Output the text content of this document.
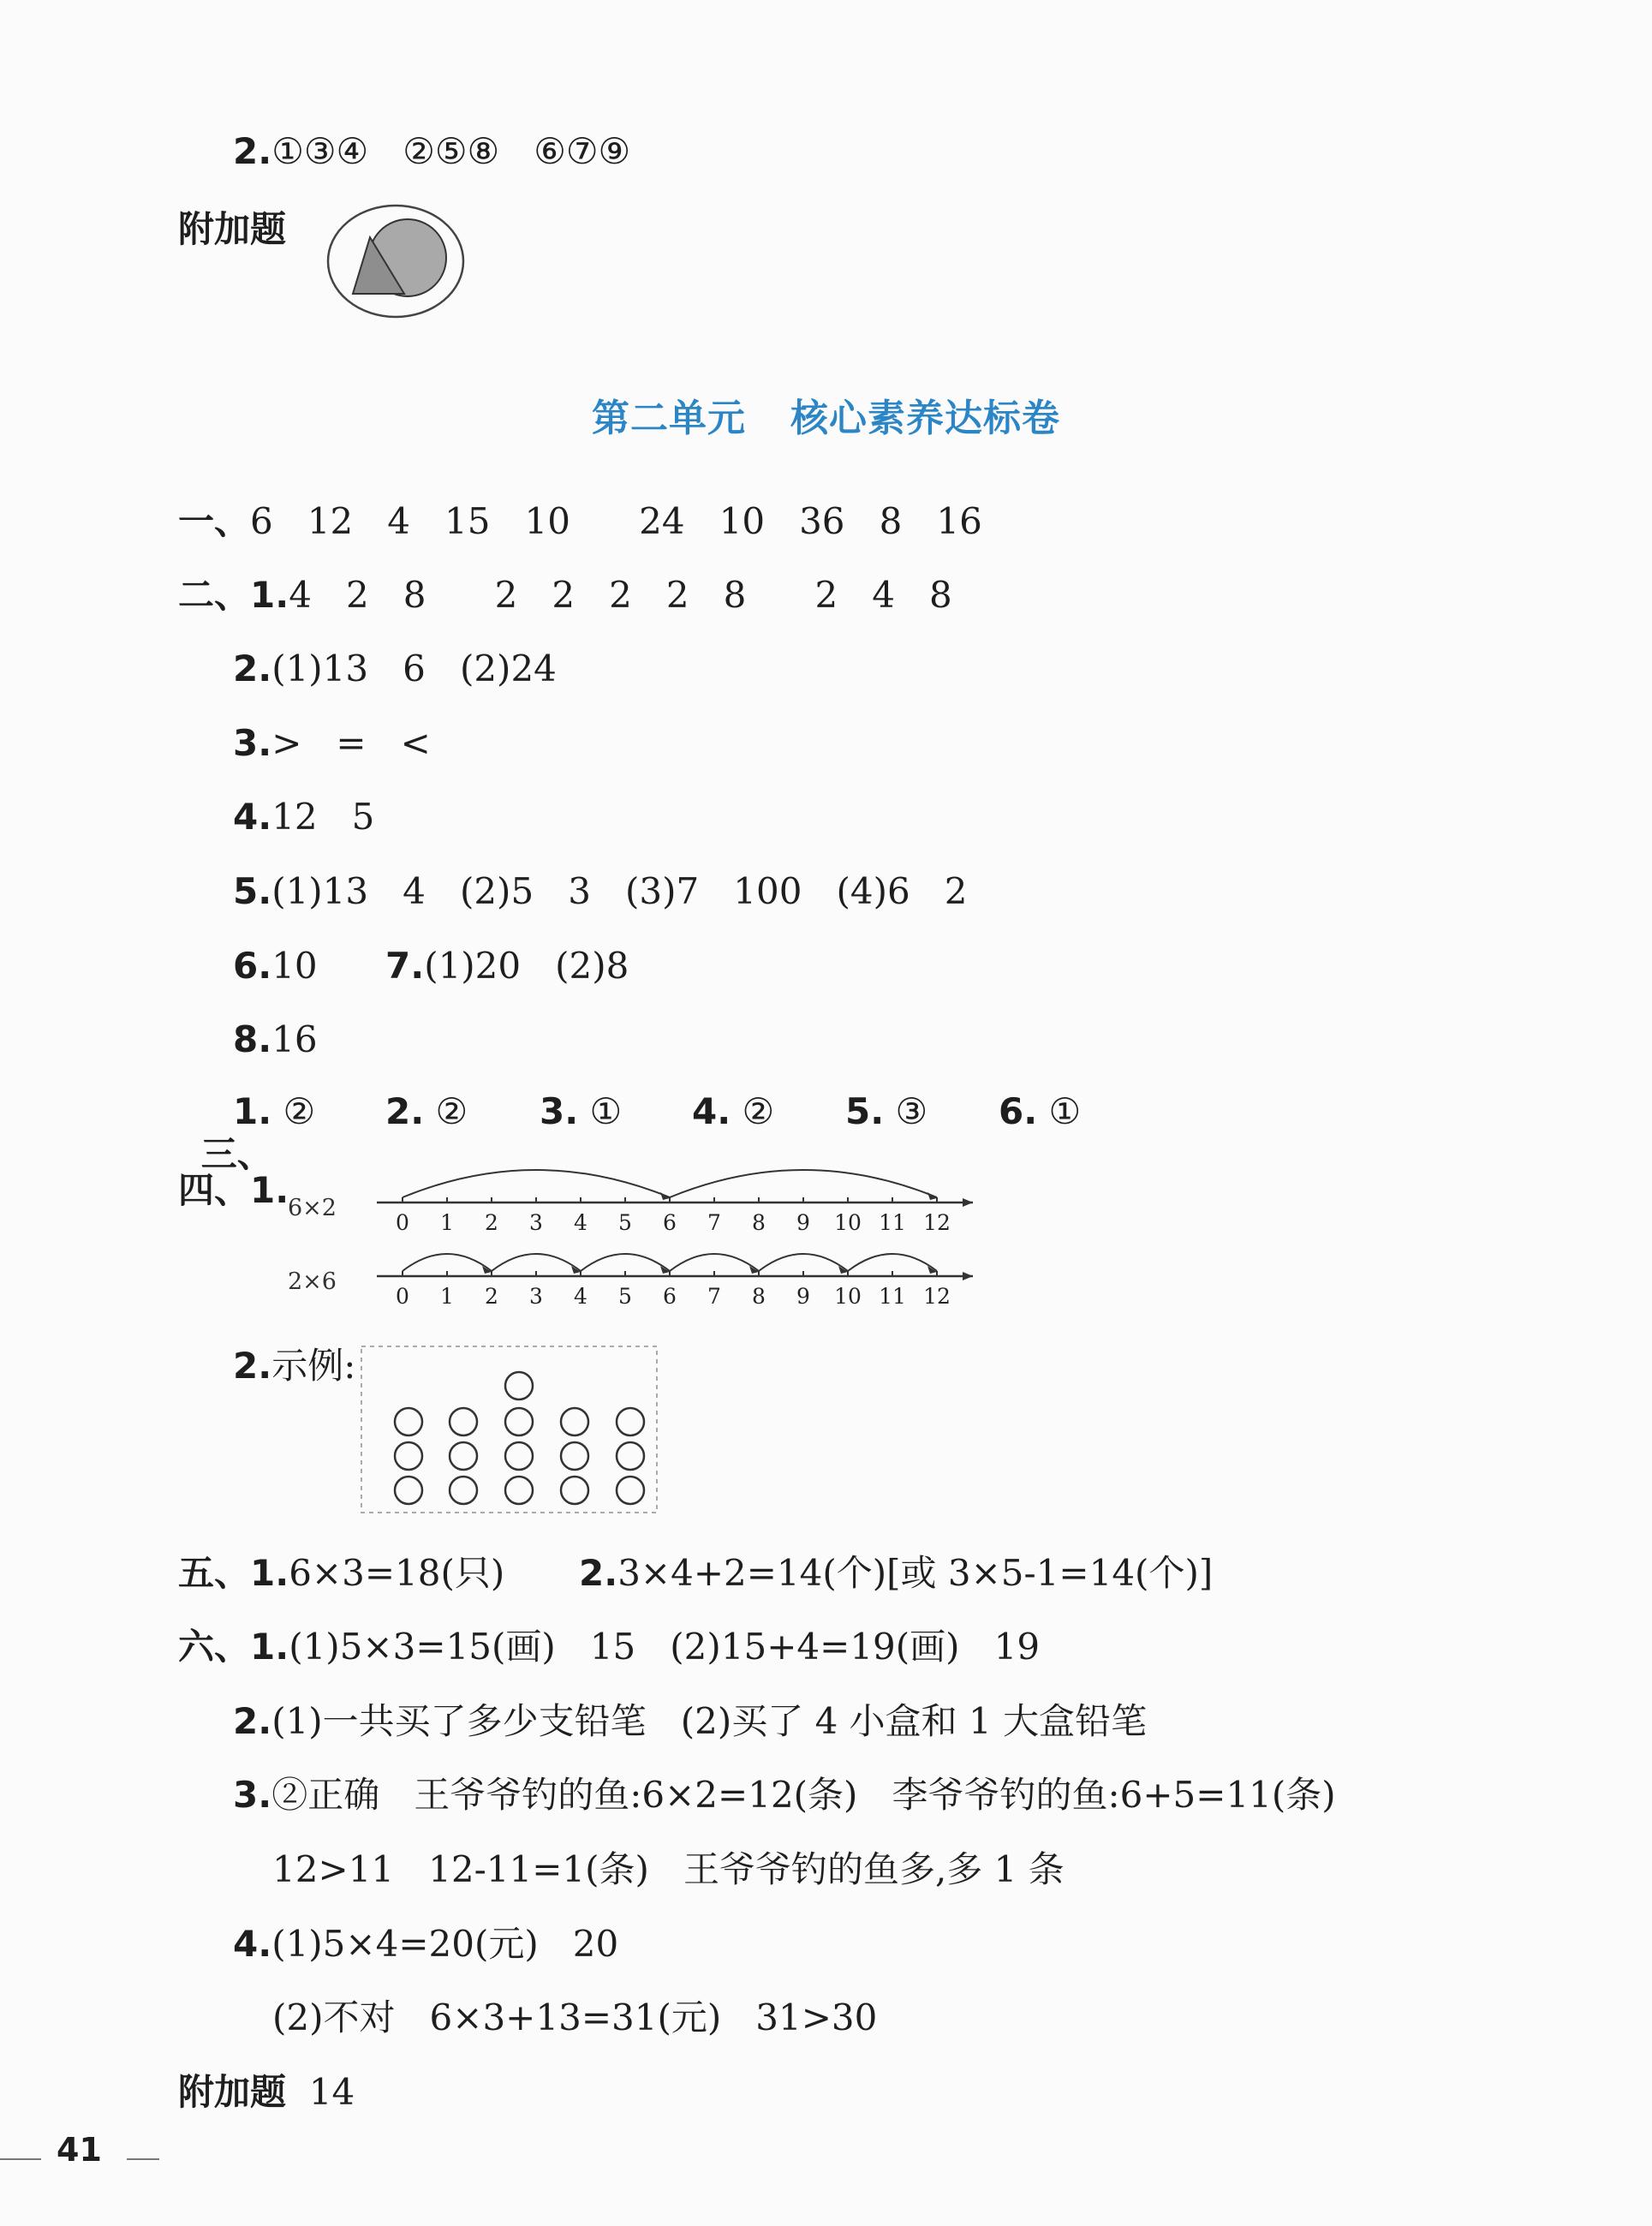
2.①③④   ②⑤⑧   ⑥⑦⑨
附加题
第二单元 核心素养达标卷
一、6   12   4   15   10      24   10   36   8   16
二、1.4   2   8      2   2   2   2   8      2   4   8
2.(1)13   6   (2)24
3.>   =   <
4.12   5
5.(1)13   4   (2)5   3   (3)7   100   (4)6   2
6.10 7.(1)20   (2)8
8.16

三、

1. ② 2. ② 3. ① 4. ② 5. ③ 6. ①
四、1.
6×2
0 1 2 3 4 5 6 7 8 9 10 11 12
2×6
0 1 2 3 4 5 6 7 8 9 10 11 12
2.示例:
五、1.6×3=18(只) 2.3×4+2=14(个)[或 3×5-1=14(个)]
六、1.(1)5×3=15(画)   15   (2)15+4=19(画)   19
2.(1)一共买了多少支铅笔   (2)买了 4 小盒和 1 大盒铅笔
3.②正确   王爷爷钓的鱼:6×2=12(条)   李爷爷钓的鱼:6+5=11(条)
12>11   12-11=1(条)   王爷爷钓的鱼多,多 1 条
4.(1)5×4=20(元)   20
(2)不对   6×3+13=31(元)   31>30
附加题 14
41
